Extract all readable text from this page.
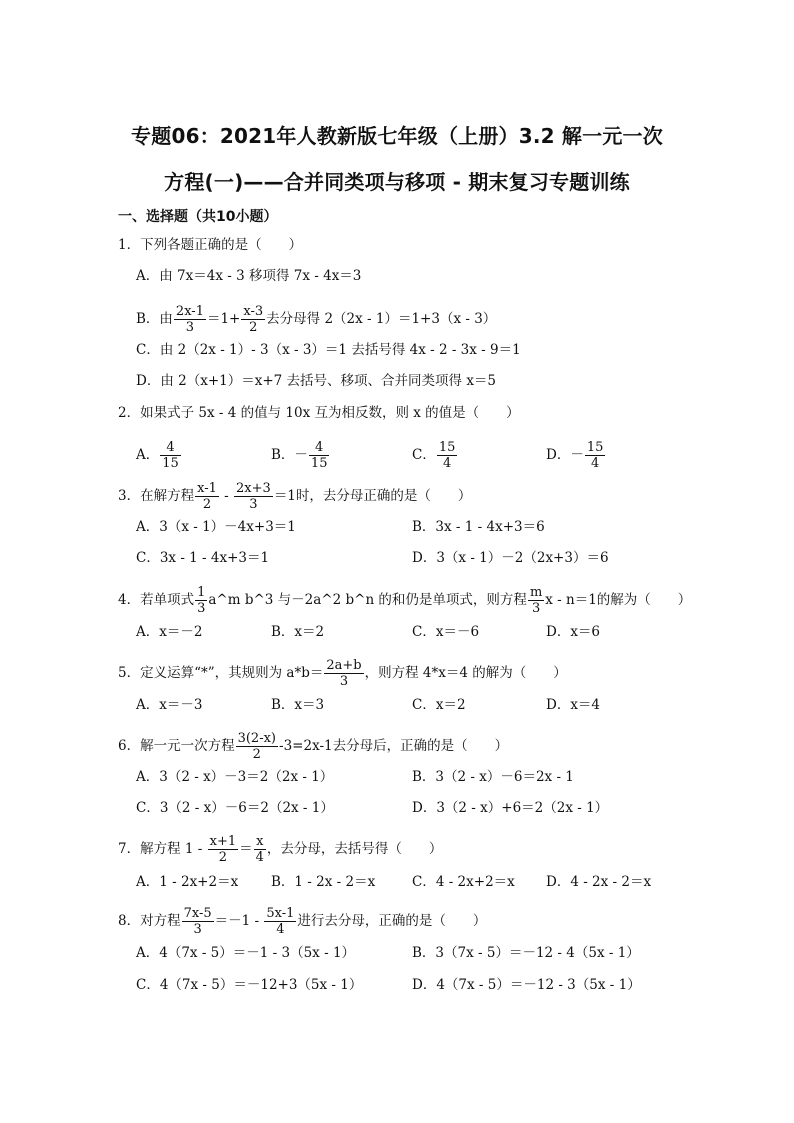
专题06：2021年人教新版七年级（上册）3.2 解一元一次
方程(一)——合并同类项与移项 - 期末复习专题训练
一、选择题（共10小题）
1．下列各题正确的是（　　）
A．由 7x＝4x - 3 移项得 7x - 4x＝3
B．由 $\frac{2x-1}{3} =1+ \frac{x-3}{2}$ 去分母得 2（2x - 1）＝1+3（x - 3）
C．由 2（2x - 1）- 3（x - 3）＝1 去括号得 4x - 2 - 3x - 9＝1
D．由 2（x+1）＝x+7 去括号、移项、合并同类项得 x＝5
2．如果式子 5x - 4 的值与 10x 互为相反数，则 x 的值是（　　）
A． $\frac{4}{15}$	B．－ $\frac{4}{15}$	C． $\frac{15}{4}$	D．－ $\frac{15}{4}$
3．在解方程 $\frac{x-1}{2} - \frac{2x+3}{3} =1$时，去分母正确的是（　　）
A．3（x - 1）－4x+3＝1	B．3x - 1 - 4x+3＝6
C．3x - 1 - 4x+3＝1	D．3（x - 1）－2（2x+3）＝6
4．若单项式 $\frac{1}{3}$ a^m b^3 与－2a^2 b^n 的和仍是单项式，则方程 $\frac{m}{3}$ x - n＝1的解为（　　）
A．x＝－2	B．x＝2	C．x＝－6	D．x＝6
5．定义运算“*”，其规则为 $a*b= \frac{2a+b}{3}$ ，则方程 4*x＝4 的解为（　　）
A．x＝－3	B．x＝3	C．x＝2	D．x＝4
6．解一元一次方程 $\frac{3(2-x)}{2} -3=2x-1$去分母后，正确的是（　　）
A．3（2 - x）－3＝2（2x - 1）	B．3（2 - x）－6＝2x - 1
C．3（2 - x）－6＝2（2x - 1）	D．3（2 - x）+6＝2（2x - 1）
7．解方程 $1 - \frac{x+1}{2} = \frac{x}{4}$ ，去分母，去括号得（　　）
A．1 - 2x+2＝x B．1 - 2x - 2＝x	C．4 - 2x+2＝x D．4 - 2x - 2＝x
8．对方程 $\frac{7x-5}{3} =-1 - \frac{5x-1}{4}$ 进行去分母，正确的是（　　）
A．4（7x - 5）＝－1 - 3（5x - 1）	B．3（7x - 5）＝－12 - 4（5x - 1）
C．4（7x - 5）＝－12+3（5x - 1）	D．4（7x - 5）＝－12 - 3（5x - 1）
